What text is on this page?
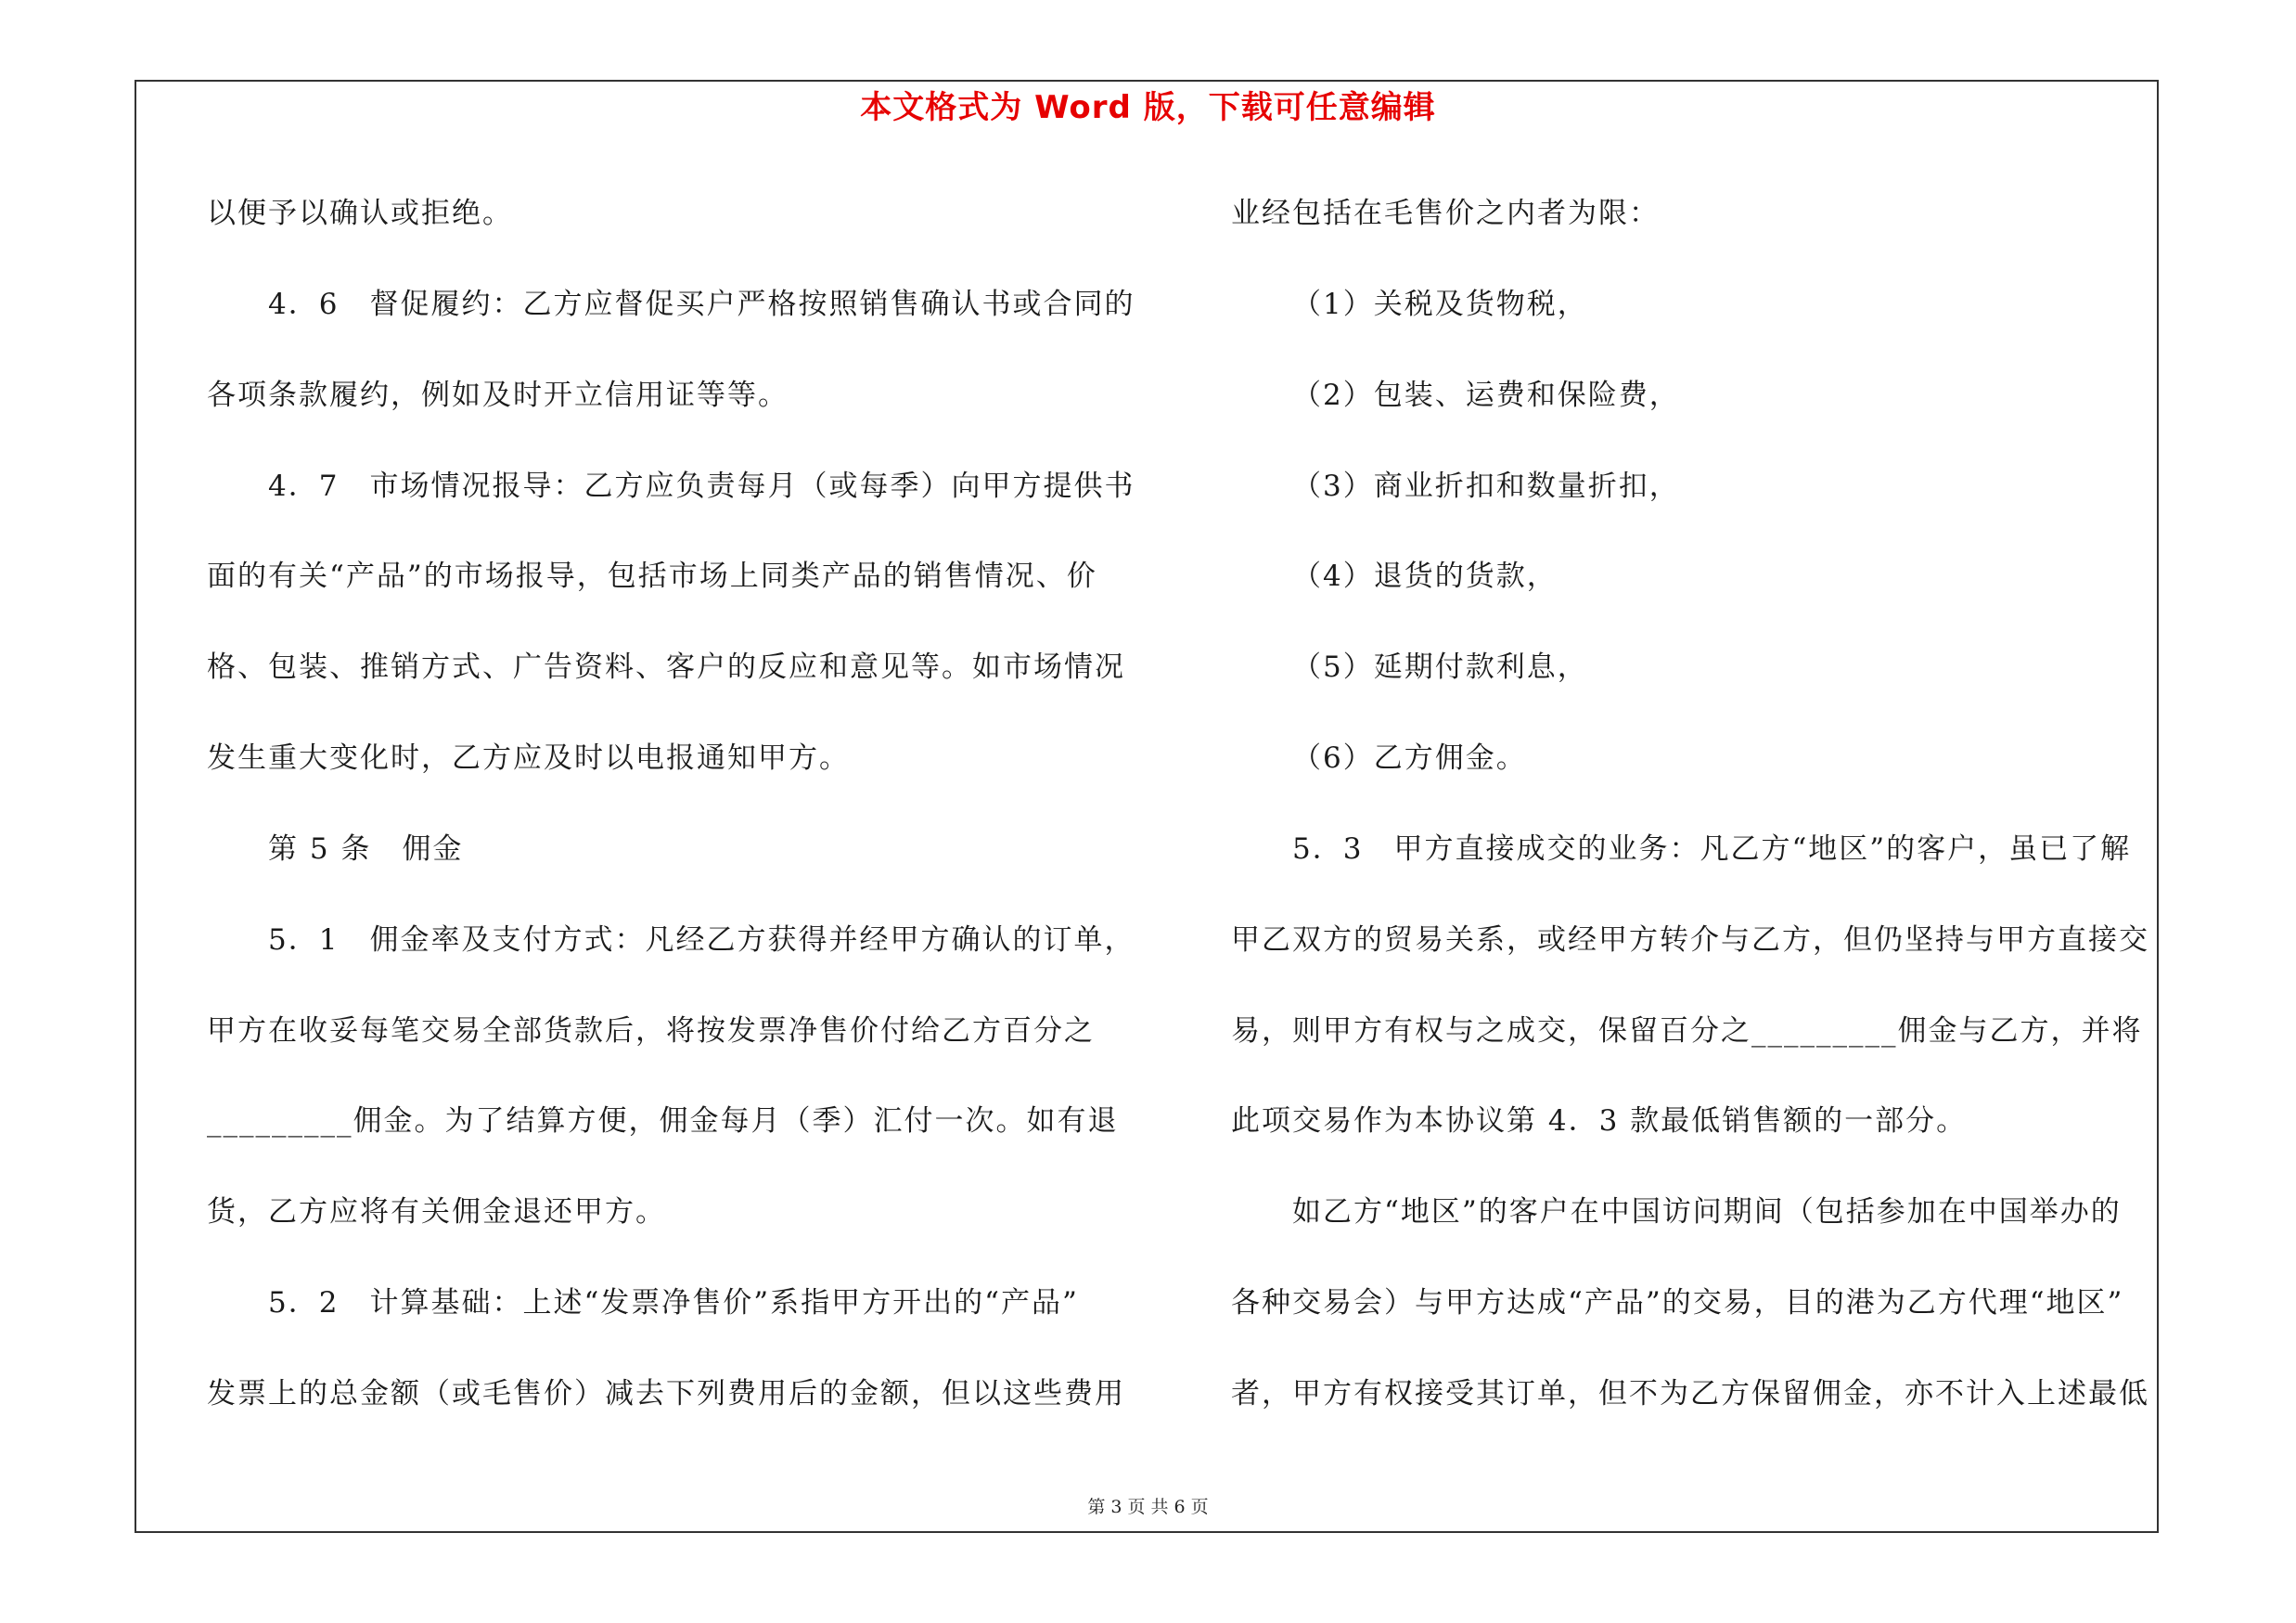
本文格式为 Word 版，下载可任意编辑
以便予以确认或拒绝。
4．6　督促履约：乙方应督促买户严格按照销售确认书或合同的
各项条款履约，例如及时开立信用证等等。
4．7　市场情况报导：乙方应负责每月（或每季）向甲方提供书
面的有关“产品”的市场报导，包括市场上同类产品的销售情况、价
格、包装、推销方式、广告资料、客户的反应和意见等。如市场情况
发生重大变化时，乙方应及时以电报通知甲方。
第 5 条　佣金
5．1　佣金率及支付方式：凡经乙方获得并经甲方确认的订单，
甲方在收妥每笔交易全部货款后，将按发票净售价付给乙方百分之
_________佣金。为了结算方便，佣金每月（季）汇付一次。如有退
货，乙方应将有关佣金退还甲方。
5．2　计算基础：上述“发票净售价”系指甲方开出的“产品”
发票上的总金额（或毛售价）减去下列费用后的金额，但以这些费用
业经包括在毛售价之内者为限：
（1）关税及货物税，
（2）包装、运费和保险费，
（3）商业折扣和数量折扣，
（4）退货的货款，
（5）延期付款利息，
（6）乙方佣金。
5．3　甲方直接成交的业务：凡乙方“地区”的客户，虽已了解
甲乙双方的贸易关系，或经甲方转介与乙方，但仍坚持与甲方直接交
易，则甲方有权与之成交，保留百分之_________佣金与乙方，并将
此项交易作为本协议第 4．3 款最低销售额的一部分。
如乙方“地区”的客户在中国访问期间（包括参加在中国举办的
各种交易会）与甲方达成“产品”的交易，目的港为乙方代理“地区”
者，甲方有权接受其订单，但不为乙方保留佣金，亦不计入上述最低
第 3 页 共 6 页
